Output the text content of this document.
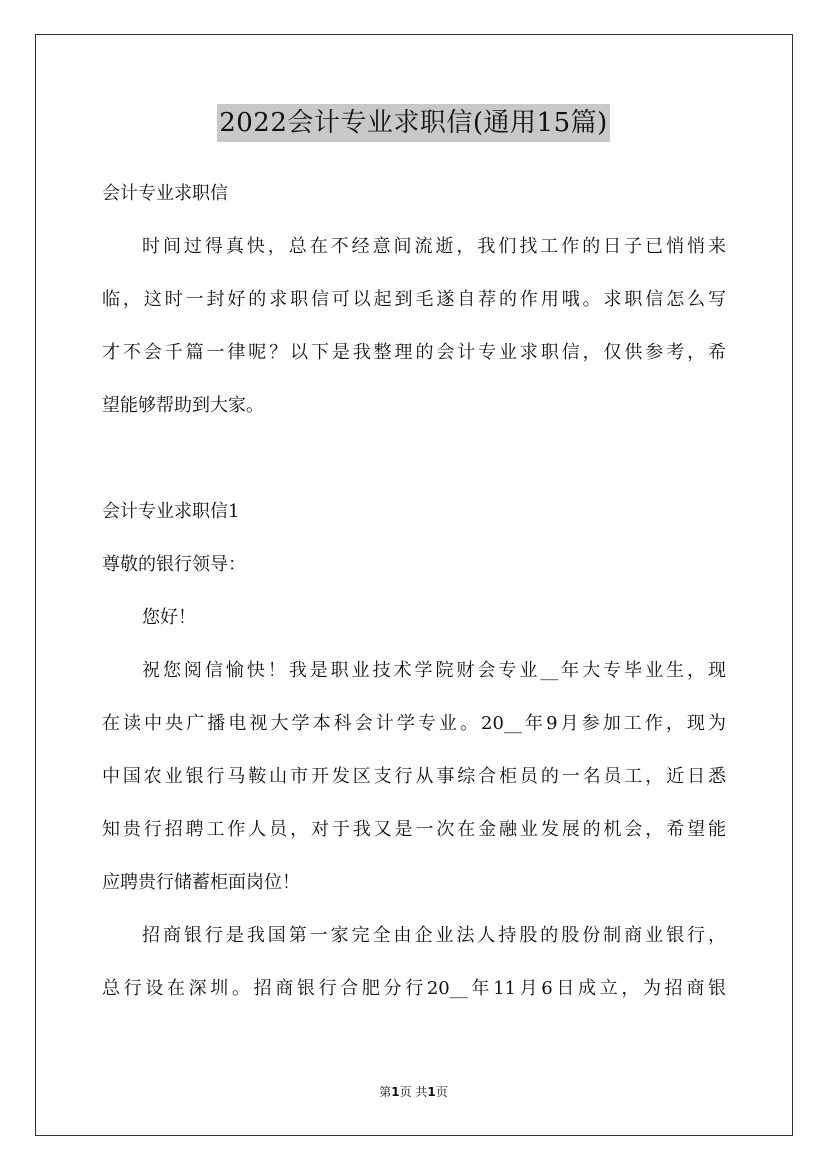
2022会计专业求职信(通用15篇)
会计专业求职信
时间过得真快，总在不经意间流逝，我们找工作的日子已悄悄来
临，这时一封好的求职信可以起到毛遂自荐的作用哦。求职信怎么写
才不会千篇一律呢？以下是我整理的会计专业求职信，仅供参考，希
望能够帮助到大家。
会计专业求职信1
尊敬的银行领导：
您好！
祝您阅信愉快！我是职业技术学院财会专业__年大专毕业生，现
在读中央广播电视大学本科会计学专业。20__年9月参加工作，现为
中国农业银行马鞍山市开发区支行从事综合柜员的一名员工，近日悉
知贵行招聘工作人员，对于我又是一次在金融业发展的机会，希望能
应聘贵行储蓄柜面岗位！
招商银行是我国第一家完全由企业法人持股的股份制商业银行，
总行设在深圳。招商银行合肥分行20__年11月6日成立，为招商银
第1页 共1页
